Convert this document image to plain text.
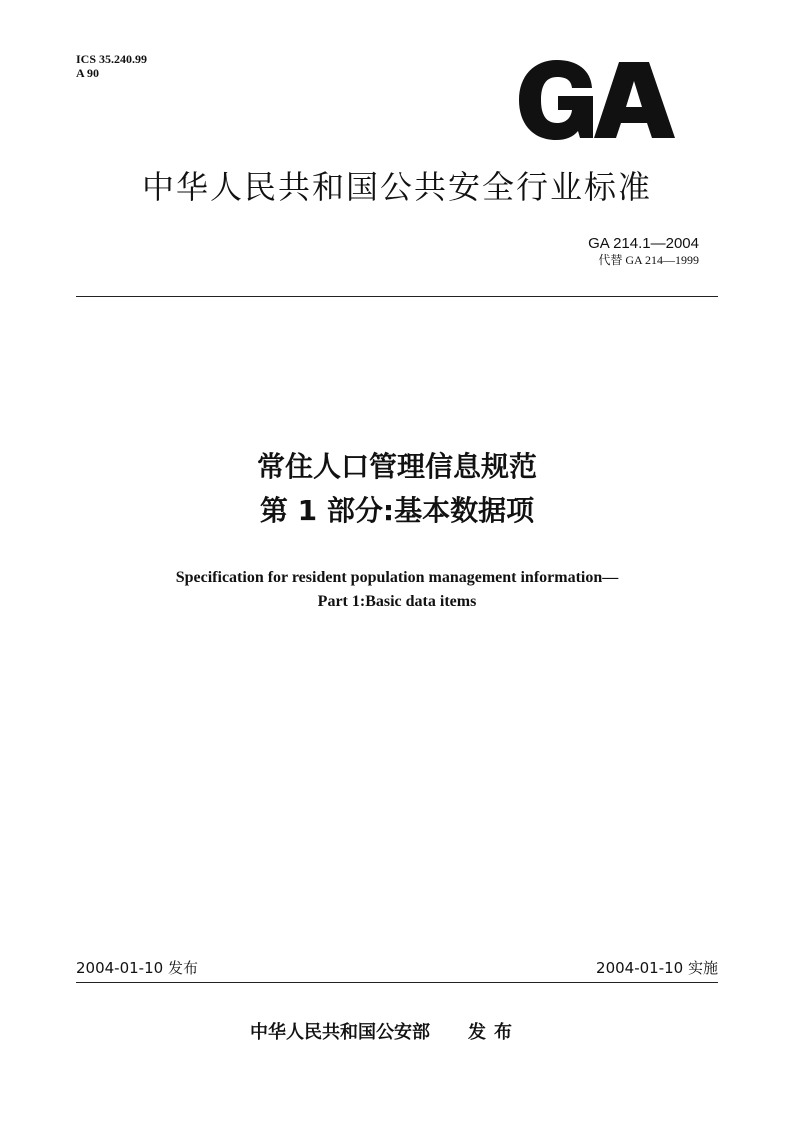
ICS 35.240.99
A 90
中华人民共和国公共安全行业标准
GA 214.1—2004
代替 GA 214—1999
常住人口管理信息规范
第 1 部分:基本数据项
Specification for resident population management information—
Part 1:Basic data items
2004-01-10 发布	2004-01-10 实施
中华人民共和国公安部 发布
